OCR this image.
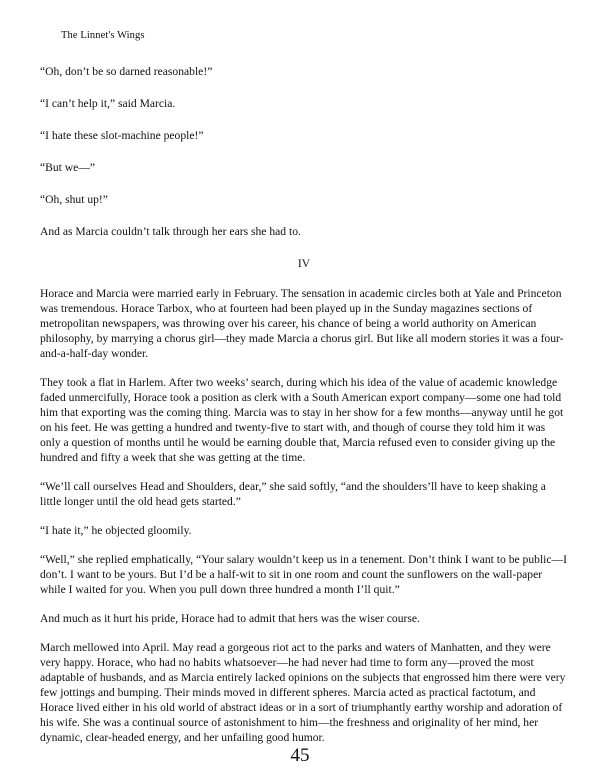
The Linnet's Wings

“Oh, don’t be so darned reasonable!”

“I can’t help it,” said Marcia.

“I hate these slot-machine people!”

“But we—”

“Oh, shut up!”

And as Marcia couldn’t talk through her ears she had to.

IV

Horace and Marcia were married early in February. The sensation in academic circles both at Yale and Princeton was tremendous. Horace Tarbox, who at fourteen had been played up in the Sunday magazines sections of metropolitan newspapers, was throwing over his career, his chance of being a world authority on American philosophy, by marrying a chorus girl—they made Marcia a chorus girl. But like all modern stories it was a four-and-a-half-day wonder.

They took a flat in Harlem. After two weeks’ search, during which his idea of the value of academic knowledge faded unmercifully, Horace took a position as clerk with a South American export company—some one had told him that exporting was the coming thing. Marcia was to stay in her show for a few months—anyway until he got on his feet. He was getting a hundred and twenty-five to start with, and though of course they told him it was only a question of months until he would be earning double that, Marcia refused even to consider giving up the hundred and fifty a week that she was getting at the time.

“We’ll call ourselves Head and Shoulders, dear,” she said softly, “and the shoulders’ll have to keep shaking a little longer until the old head gets started.”

“I hate it,” he objected gloomily.

“Well,” she replied emphatically, “Your salary wouldn’t keep us in a tenement. Don’t think I want to be public—I don’t. I want to be yours. But I’d be a half-wit to sit in one room and count the sunflowers on the wall-paper while I waited for you. When you pull down three hundred a month I’ll quit.”

And much as it hurt his pride, Horace had to admit that hers was the wiser course.

March mellowed into April. May read a gorgeous riot act to the parks and waters of Manhatten, and they were very happy. Horace, who had no habits whatsoever—he had never had time to form any—proved the most adaptable of husbands, and as Marcia entirely lacked opinions on the subjects that engrossed him there were very few jottings and bumping. Their minds moved in different spheres. Marcia acted as practical factotum, and Horace lived either in his old world of abstract ideas or in a sort of triumphantly earthy worship and adoration of his wife. She was a continual source of astonishment to him—the freshness and originality of her mind, her dynamic, clear-headed energy, and her unfailing good humor.

45
